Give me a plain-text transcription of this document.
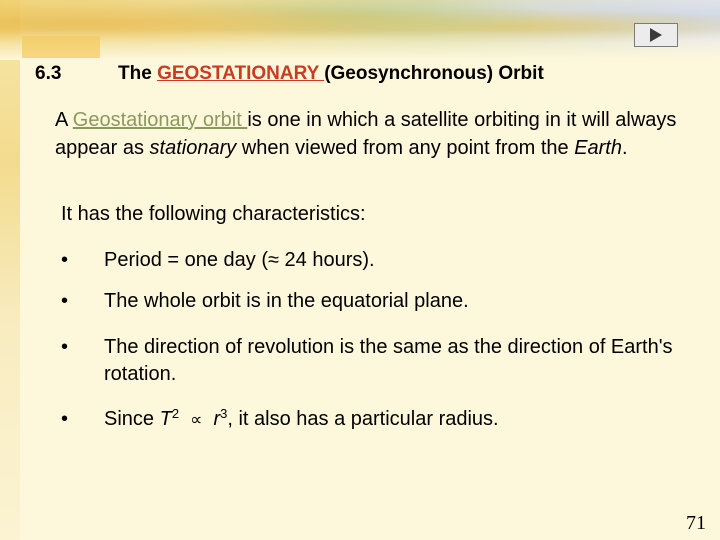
6.3	The GEOSTATIONARY (Geosynchronous) Orbit
A Geostationary orbit is one in which a satellite orbiting in it will always appear as stationary when viewed from any point from the Earth.
It has the following characteristics:
• Period = one day (≈ 24 hours).
• The whole orbit is in the equatorial plane.
• The direction of revolution is the same as the direction of Earth's rotation.
• Since $T^2 \propto r^3$, it also has a particular radius.
71
